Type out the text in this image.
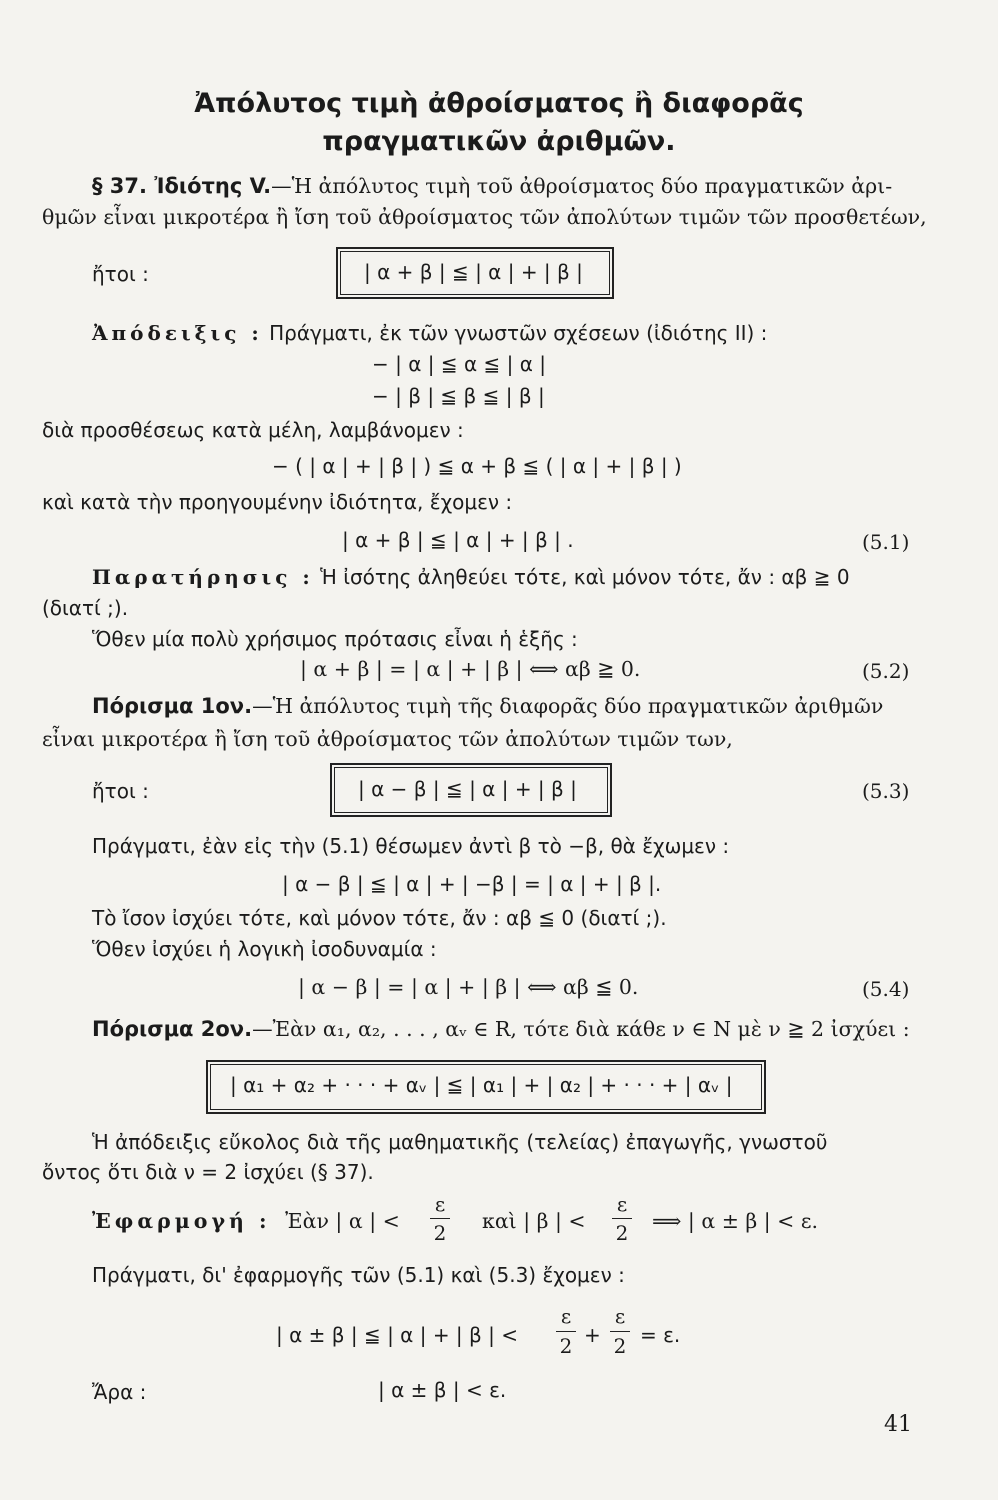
Ἀπόλυτος τιμὴ ἀθροίσματος ἢ διαφορᾶς
πραγματικῶν ἀριθμῶν.
§ 37. Ἰδιότης V.—Ἡ ἀπόλυτος τιμὴ τοῦ ἀθροίσματος δύο πραγματικῶν ἀρι-
θμῶν εἶναι μικροτέρα ἢ ἴση τοῦ ἀθροίσματος τῶν ἀπολύτων τιμῶν τῶν προσθετέων,
ἤτοι :	| α + β | ≦ | α | + | β |
Ἀπόδειξις : Πράγματι, ἐκ τῶν γνωστῶν σχέσεων (ἰδιότης ΙΙ) :
− | α | ≦ α ≦ | α |
− | β | ≦ β ≦ | β |
διὰ προσθέσεως κατὰ μέλη, λαμβάνομεν :
− ( | α | + | β | ) ≦ α + β ≦ ( | α | + | β | )
καὶ κατὰ τὴν προηγουμένην ἰδιότητα, ἔχομεν :
| α + β | ≦ | α | + | β | .	(5.1)
Παρατήρησις : Ἡ ἰσότης ἀληθεύει τότε, καὶ μόνον τότε, ἄν : αβ ≧ 0
(διατί ;).
Ὅθεν μία πολὺ χρήσιμος πρότασις εἶναι ἡ ἑξῆς :
| α + β | = | α | + | β | ⟺ αβ ≧ 0.	(5.2)
Πόρισμα 1ον.—Ἡ ἀπόλυτος τιμὴ τῆς διαφορᾶς δύο πραγματικῶν ἀριθμῶν
εἶναι μικροτέρα ἢ ἴση τοῦ ἀθροίσματος τῶν ἀπολύτων τιμῶν των,
ἤτοι :	| α − β | ≦ | α | + | β |	(5.3)
Πράγματι, ἐὰν εἰς τὴν (5.1) θέσωμεν ἀντὶ β τὸ −β, θὰ ἔχωμεν :
| α − β | ≦ | α | + | −β | = | α | + | β |.
Τὸ ἴσον ἰσχύει τότε, καὶ μόνον τότε, ἄν : αβ ≦ 0 (διατί ;).
Ὅθεν ἰσχύει ἡ λογικὴ ἰσοδυναμία :
| α − β | = | α | + | β | ⟺ αβ ≦ 0.	(5.4)
Πόρισμα 2ον.—Ἐὰν α₁, α₂, . . . , αᵥ ∈ R, τότε διὰ κάθε ν ∈ Ν μὲ ν ≧ 2 ἰσχύει :
| α₁ + α₂ + · · · + αᵥ | ≦ | α₁ | + | α₂ | + · · · + | αᵥ |
Ἡ ἀπόδειξις εὔκολος διὰ τῆς μαθηματικῆς (τελείας) ἐπαγωγῆς, γνωστοῦ
ὄντος ὅτι διὰ ν = 2 ἰσχύει (§ 37).
Ἐφαρμογή : Ἐὰν | α | <
ε
2 καὶ | β | <
ε
2 ⟹ | α ± β | < ε.
Πράγματι, δι' ἐφαρμογῆς τῶν (5.1) καὶ (5.3) ἔχομεν :
| α ± β | ≦ | α | + | β | <
ε
2 +
ε
2 = ε.
Ἄρα :	| α ± β | < ε.
41
